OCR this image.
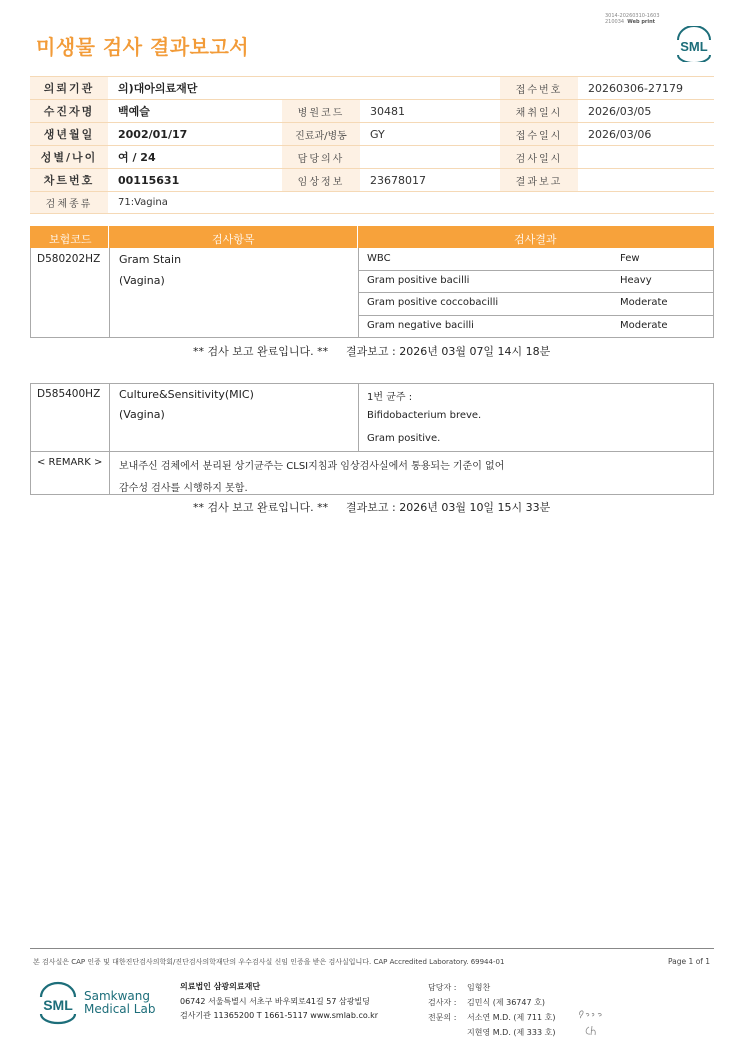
3014-20260310-1603
210034 Web print
미생물 검사 결과보고서	SML
의뢰기관	의)대아의료재단			접수번호	20260306-27179
수진자명	백예슬	병원코드	30481	채취일시	2026/03/05
생년월일	2002/01/17	진료과/병동	GY	접수일시	2026/03/06
성별/나이	여 / 24	담당의사		검사일시	
차트번호	00115631	임상정보	23678017	결과보고	
검체종류	71:Vagina				
보험코드	검사항목	검사결과
D580202HZ Gram Stain
(Vagina)
WBC	Few
Gram positive bacilli	Heavy
Gram positive coccobacilli	Moderate
Gram negative bacilli	Moderate
** 검사 보고 완료입니다. ** 결과보고 : 2026년 03월 07일 14시 18분
D585400HZ Culture&Sensitivity(MIC)
(Vagina)
1번 균주 :
Bifidobacterium breve.
Gram positive.
< REMARK > 보내주신 검체에서 분리된 상기균주는 CLSI지침과 임상검사실에서 통용되는 기준이 없어
감수성 검사를 시행하지 못함.
** 검사 보고 완료입니다. ** 결과보고 : 2026년 03월 10일 15시 33분
본 검사실은 CAP 인증 및 대한진단검사의학회/진단검사의학재단의 우수검사실 신임 인증을 받은 검사실입니다. CAP Accredited Laboratory. 69944-01	Page 1 of 1
SML
Samkwang
Medical Lab
의료법인 삼광의료재단
06742 서울특별시 서초구 바우뫼로41길 57 삼광빌딩
검사기관 11365200 T 1661-5117 www.smlab.co.kr
담당자 :	임형찬
검사자 :	김민식 (제 36747 호)
전문의 :	서소연 M.D. (제 711 호)
지현영 M.D. (제 333 호)
